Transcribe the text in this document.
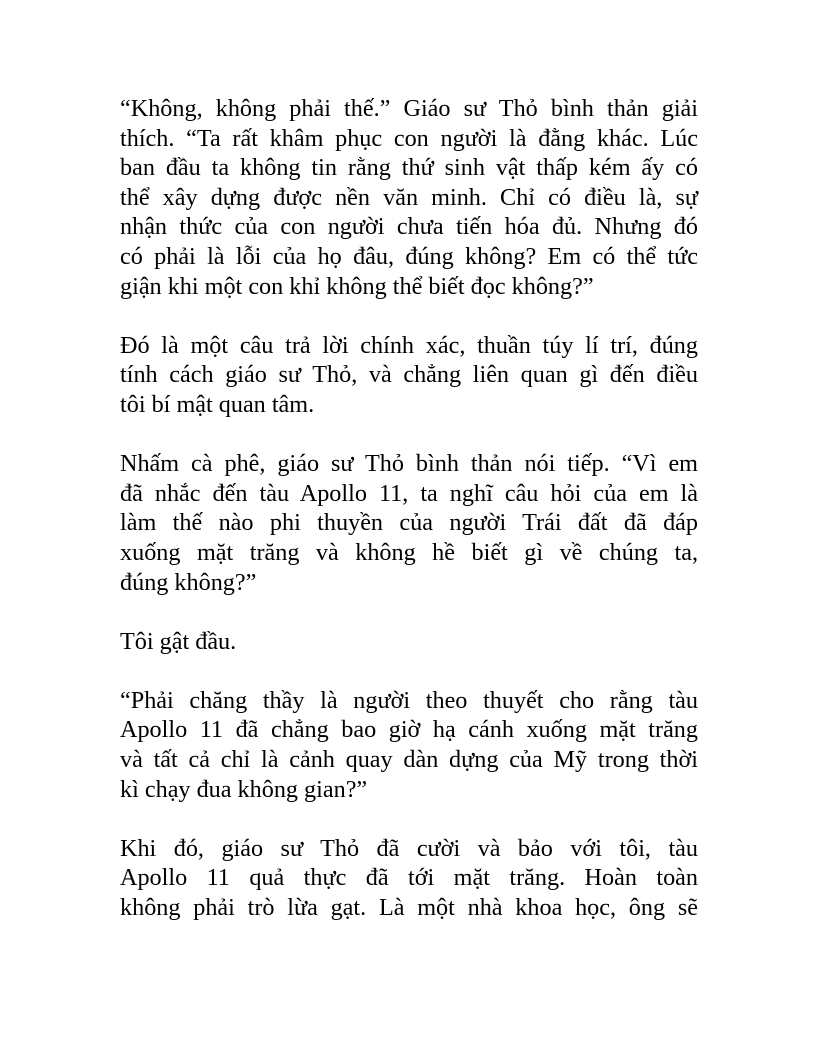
“Không, không phải thế.” Giáo sư Thỏ bình thản giải
thích. “Ta rất khâm phục con người là đằng khác. Lúc
ban đầu ta không tin rằng thứ sinh vật thấp kém ấy có
thể xây dựng được nền văn minh. Chỉ có điều là, sự
nhận thức của con người chưa tiến hóa đủ. Nhưng đó
có phải là lỗi của họ đâu, đúng không? Em có thể tức
giận khi một con khỉ không thể biết đọc không?”

Đó là một câu trả lời chính xác, thuần túy lí trí, đúng
tính cách giáo sư Thỏ, và chẳng liên quan gì đến điều
tôi bí mật quan tâm.

Nhấm cà phê, giáo sư Thỏ bình thản nói tiếp. “Vì em
đã nhắc đến tàu Apollo 11, ta nghĩ câu hỏi của em là
làm thế nào phi thuyền của người Trái đất đã đáp
xuống mặt trăng và không hề biết gì về chúng ta,
đúng không?”

Tôi gật đầu.

“Phải chăng thầy là người theo thuyết cho rằng tàu
Apollo 11 đã chẳng bao giờ hạ cánh xuống mặt trăng
và tất cả chỉ là cảnh quay dàn dựng của Mỹ trong thời
kì chạy đua không gian?”

Khi đó, giáo sư Thỏ đã cười và bảo với tôi, tàu
Apollo 11 quả thực đã tới mặt trăng. Hoàn toàn
không phải trò lừa gạt. Là một nhà khoa học, ông sẽ
